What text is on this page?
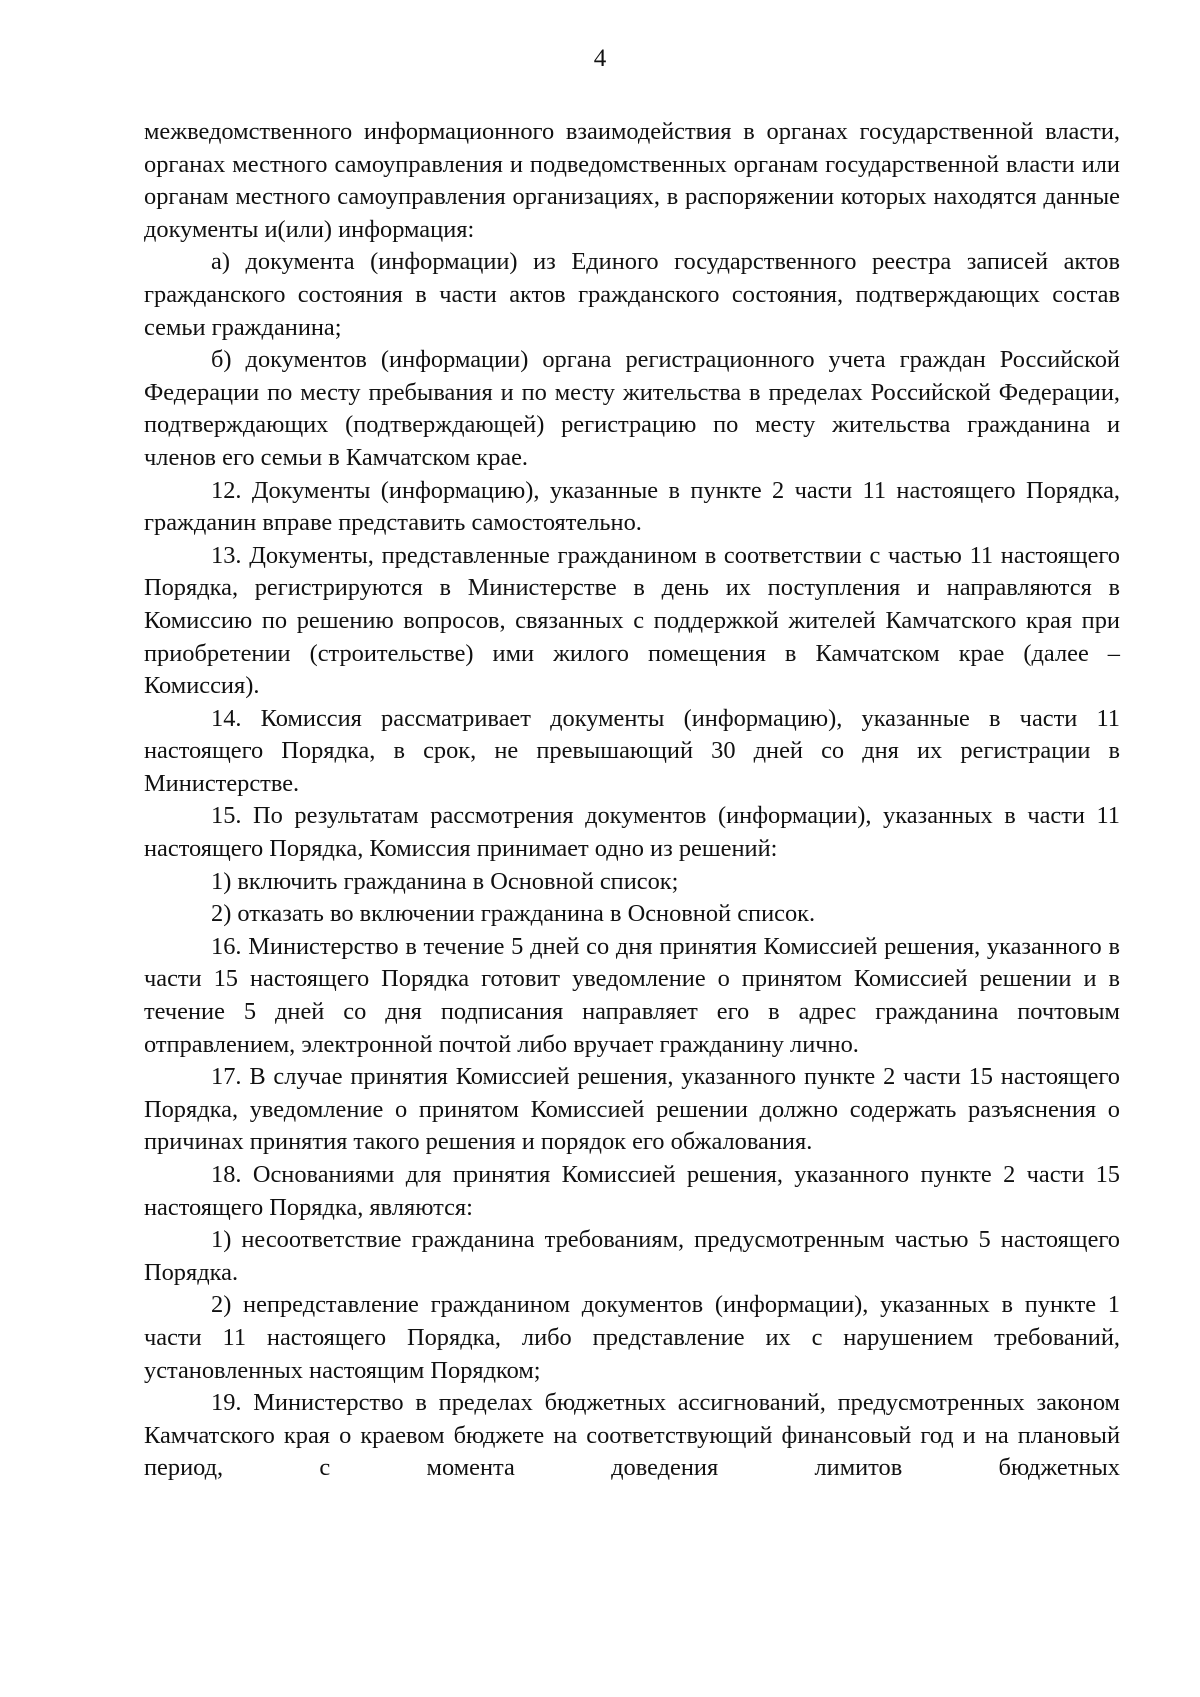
4

межведомственного информационного взаимодействия в органах государственной власти, органах местного самоуправления и подведомственных органам государственной власти или органам местного самоуправления организациях, в распоряжении которых находятся данные документы и(или) информация:

а) документа (информации) из Единого государственного реестра записей актов гражданского состояния в части актов гражданского состояния, подтверждающих состав семьи гражданина;

б) документов (информации) органа регистрационного учета граждан Российской Федерации по месту пребывания и по месту жительства в пределах Российской Федерации, подтверждающих (подтверждающей) регистрацию по месту жительства гражданина и членов его семьи в Камчатском крае.

12. Документы (информацию), указанные в пункте 2 части 11 настоящего Порядка, гражданин вправе представить самостоятельно.

13. Документы, представленные гражданином в соответствии с частью 11 настоящего Порядка, регистрируются в Министерстве в день их поступления и направляются в Комиссию по решению вопросов, связанных с поддержкой жителей Камчатского края при приобретении (строительстве) ими жилого помещения в Камчатском крае (далее – Комиссия).

14. Комиссия рассматривает документы (информацию), указанные в части 11 настоящего Порядка, в срок, не превышающий 30 дней со дня их регистрации в Министерстве.

15. По результатам рассмотрения документов (информации), указанных в части 11 настоящего Порядка, Комиссия принимает одно из решений:

1) включить гражданина в Основной список;

2) отказать во включении гражданина в Основной список.

16. Министерство в течение 5 дней со дня принятия Комиссией решения, указанного в части 15 настоящего Порядка готовит уведомление о принятом Комиссией решении и в течение 5 дней со дня подписания направляет его в адрес гражданина почтовым отправлением, электронной почтой либо вручает гражданину лично.

17. В случае принятия Комиссией решения, указанного пункте 2 части 15 настоящего Порядка, уведомление о принятом Комиссией решении должно содержать разъяснения о причинах принятия такого решения и порядок его обжалования.

18. Основаниями для принятия Комиссией решения, указанного пункте 2 части 15 настоящего Порядка, являются:

1) несоответствие гражданина требованиям, предусмотренным частью 5 настоящего Порядка.

2) непредставление гражданином документов (информации), указанных в пункте 1 части 11 настоящего Порядка, либо представление их с нарушением требований, установленных настоящим Порядком;

19. Министерство в пределах бюджетных ассигнований, предусмотренных законом Камчатского края о краевом бюджете на соответствующий финансовый год и на плановый период, с момента доведения лимитов бюджетных
